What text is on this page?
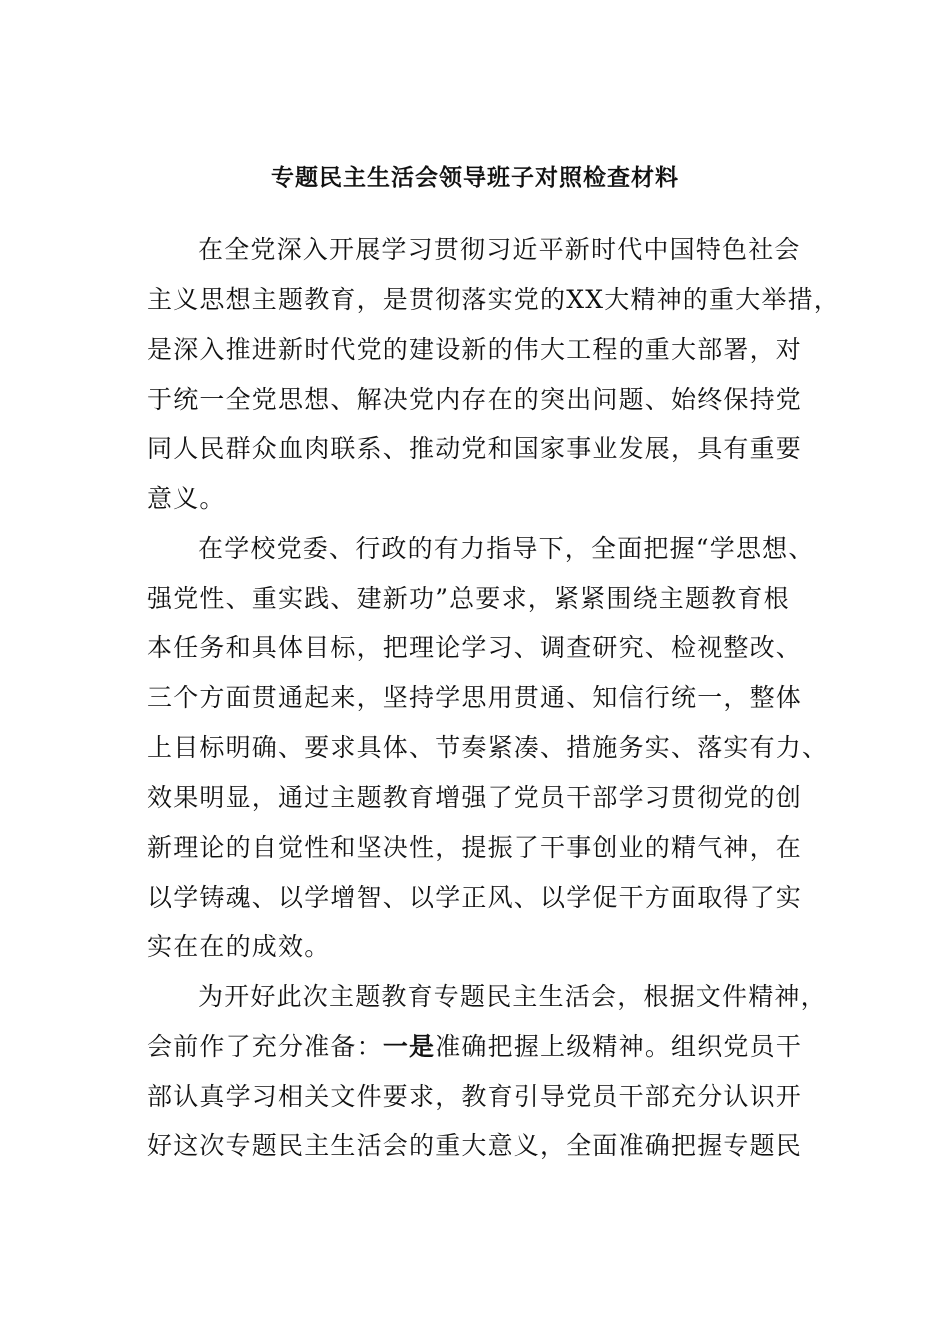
专题民主生活会领导班子对照检查材料
在全党深入开展学习贯彻习近平新时代中国特色社会
主义思想主题教育，是贯彻落实党的XX大精神的重大举措，
是深入推进新时代党的建设新的伟大工程的重大部署，对
于统一全党思想、解决党内存在的突出问题、始终保持党
同人民群众血肉联系、推动党和国家事业发展，具有重要
意义。
在学校党委、行政的有力指导下，全面把握“学思想、
强党性、重实践、建新功”总要求，紧紧围绕主题教育根
本任务和具体目标，把理论学习、调查研究、检视整改、
三个方面贯通起来，坚持学思用贯通、知信行统一，整体
上目标明确、要求具体、节奏紧凑、措施务实、落实有力、
效果明显，通过主题教育增强了党员干部学习贯彻党的创
新理论的自觉性和坚决性，提振了干事创业的精气神，在
以学铸魂、以学增智、以学正风、以学促干方面取得了实
实在在的成效。
为开好此次主题教育专题民主生活会，根据文件精神，
会前作了充分准备：一是准确把握上级精神。组织党员干
部认真学习相关文件要求，教育引导党员干部充分认识开
好这次专题民主生活会的重大意义，全面准确把握专题民
